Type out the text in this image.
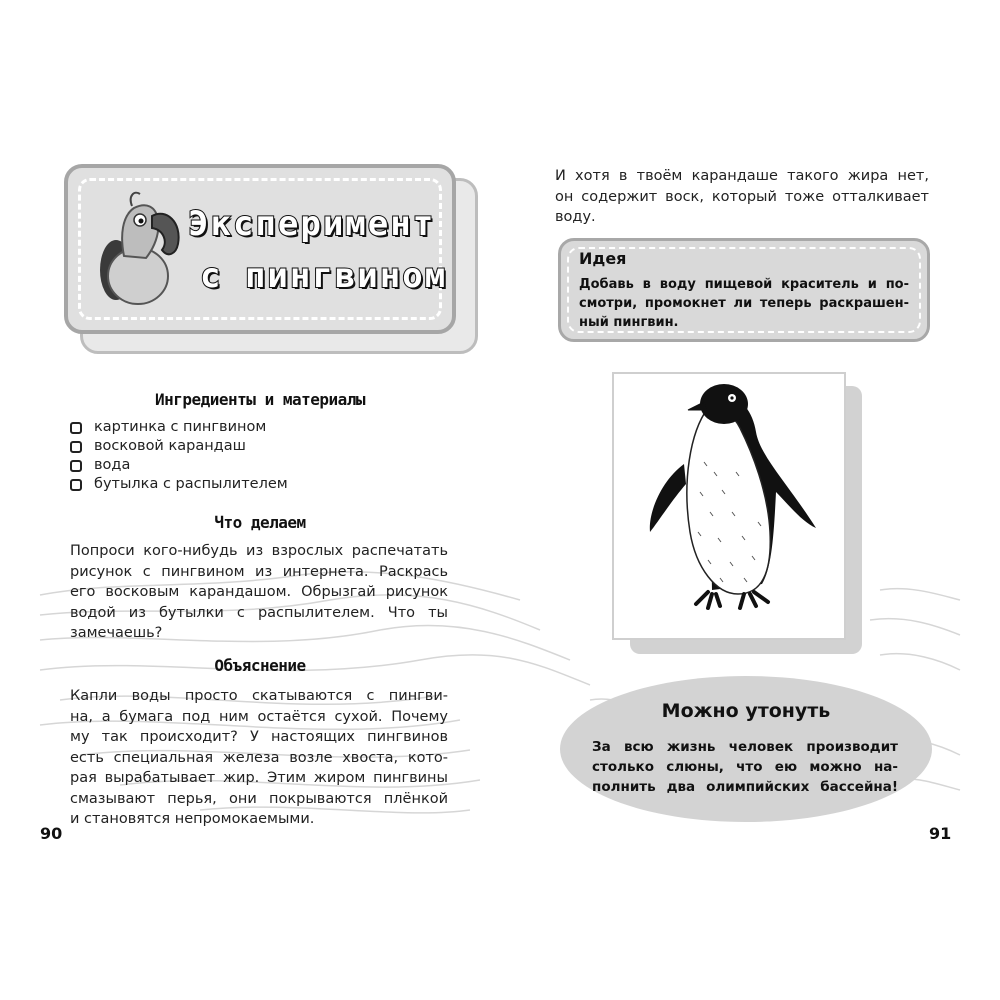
Эксперимент
с пингвином
Ингредиенты и материалы
картинка с пингвином
восковой карандаш
вода
бутылка с распылителем
Что делаем
Попроси кого-нибудь из взрослых распечатать
рисунок с пингвином из интернета. Раскрась
его восковым карандашом. Обрызгай рисунок
водой из бутылки с распылителем. Что ты
замечаешь?
Объяснение
Капли воды просто скатываются с пингви-
на, а бумага под ним остаётся сухой. Почему
му так происходит? У настоящих пингвинов
есть специальная железа возле хвоста, кото-
рая вырабатывает жир. Этим жиром пингвины
смазывают перья, они покрываются плёнкой
и становятся непромокаемыми.
90
И хотя в твоём карандаше такого жира нет,
он содержит воск, который тоже отталкивает
воду.
Идея
Добавь в воду пищевой краситель и по-
смотри, промокнет ли теперь раскрашен-
ный пингвин.
Можно утонуть
За всю жизнь человек производит
столько слюны, что ею можно на-
полнить два олимпийских бассейна!
91
